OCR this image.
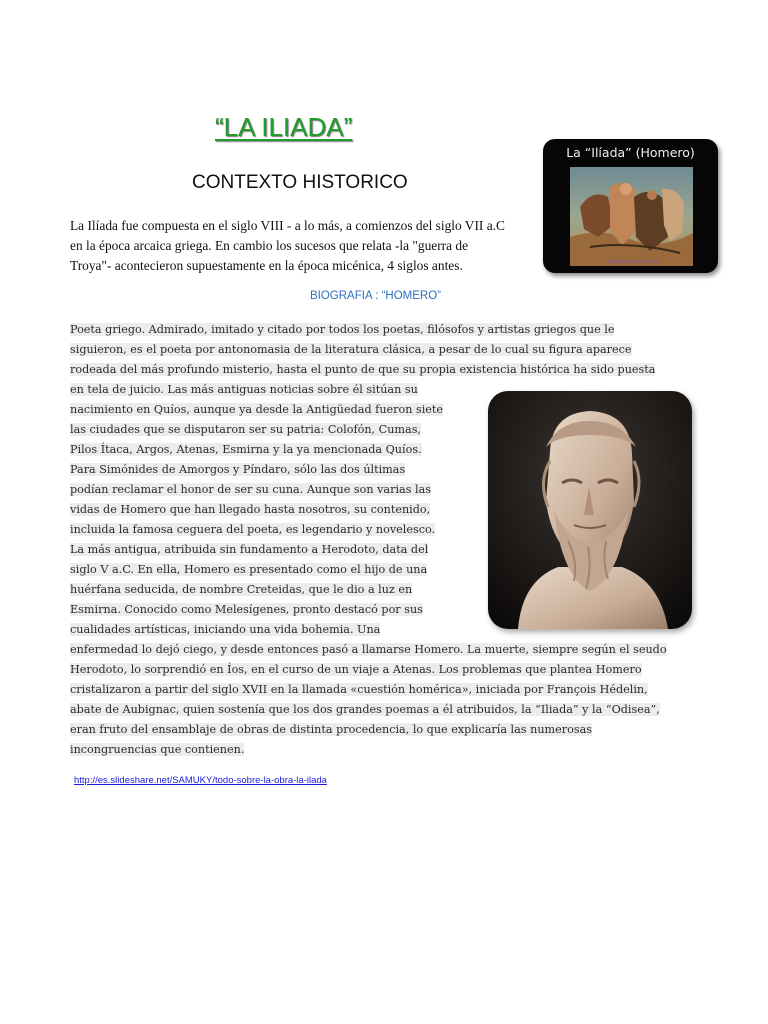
“LA ILIADA”
CONTEXTO HISTORICO

La Ilíada fue compuesta en el siglo VIII - a lo más, a comienzos del siglo VII a.C
en la época arcaica griega. En cambio los sucesos que relata -la "guerra de
Troya"- acontecieron supuestamente en la época micénica, 4 siglos antes.

La “Ilíada” (Homero)
Iliada Antiguo Grecia
BIOGRAFIA : “HOMERO”
Poeta griego. Admirado, imitado y citado por todos los poetas, filósofos y artistas griegos que le
siguieron, es el poeta por antonomasia de la literatura clásica, a pesar de lo cual su figura aparece
rodeada del más profundo misterio, hasta el punto de que su propia existencia histórica ha sido puesta
en tela de juicio. Las más antiguas noticias sobre él sitúan su
nacimiento en Quíos, aunque ya desde la Antigüedad fueron siete
las ciudades que se disputaron ser su patria: Colofón, Cumas,
Pilos Ítaca, Argos, Atenas, Esmirna y la ya mencionada Quíos.
Para Simónides de Amorgos y Píndaro, sólo las dos últimas
podían reclamar el honor de ser su cuna. Aunque son varias las
vidas de Homero que han llegado hasta nosotros, su contenido,
incluida la famosa ceguera del poeta, es legendario y novelesco.
La más antigua, atribuida sin fundamento a Herodoto, data del
siglo V a.C. En ella, Homero es presentado como el hijo de una
huérfana seducida, de nombre Creteidas, que le dio a luz en
Esmirna. Conocido como Melesígenes, pronto destacó por sus
cualidades artísticas, iniciando una vida bohemia. Una
enfermedad lo dejó ciego, y desde entonces pasó a llamarse Homero. La muerte, siempre según el seudo
Herodoto, lo sorprendió en Íos, en el curso de un viaje a Atenas. Los problemas que plantea Homero
cristalizaron a partir del siglo XVII en la llamada «cuestión homérica», iniciada por François Hédelin,
abate de Aubignac, quien sostenía que los dos grandes poemas a él atribuidos, la “Iliada” y la “Odisea”,
eran fruto del ensamblaje de obras de distinta procedencia, lo que explicaría las numerosas
incongruencias que contienen.
http://es.slideshare.net/SAMUKY/todo-sobre-la-obra-la-ilada
